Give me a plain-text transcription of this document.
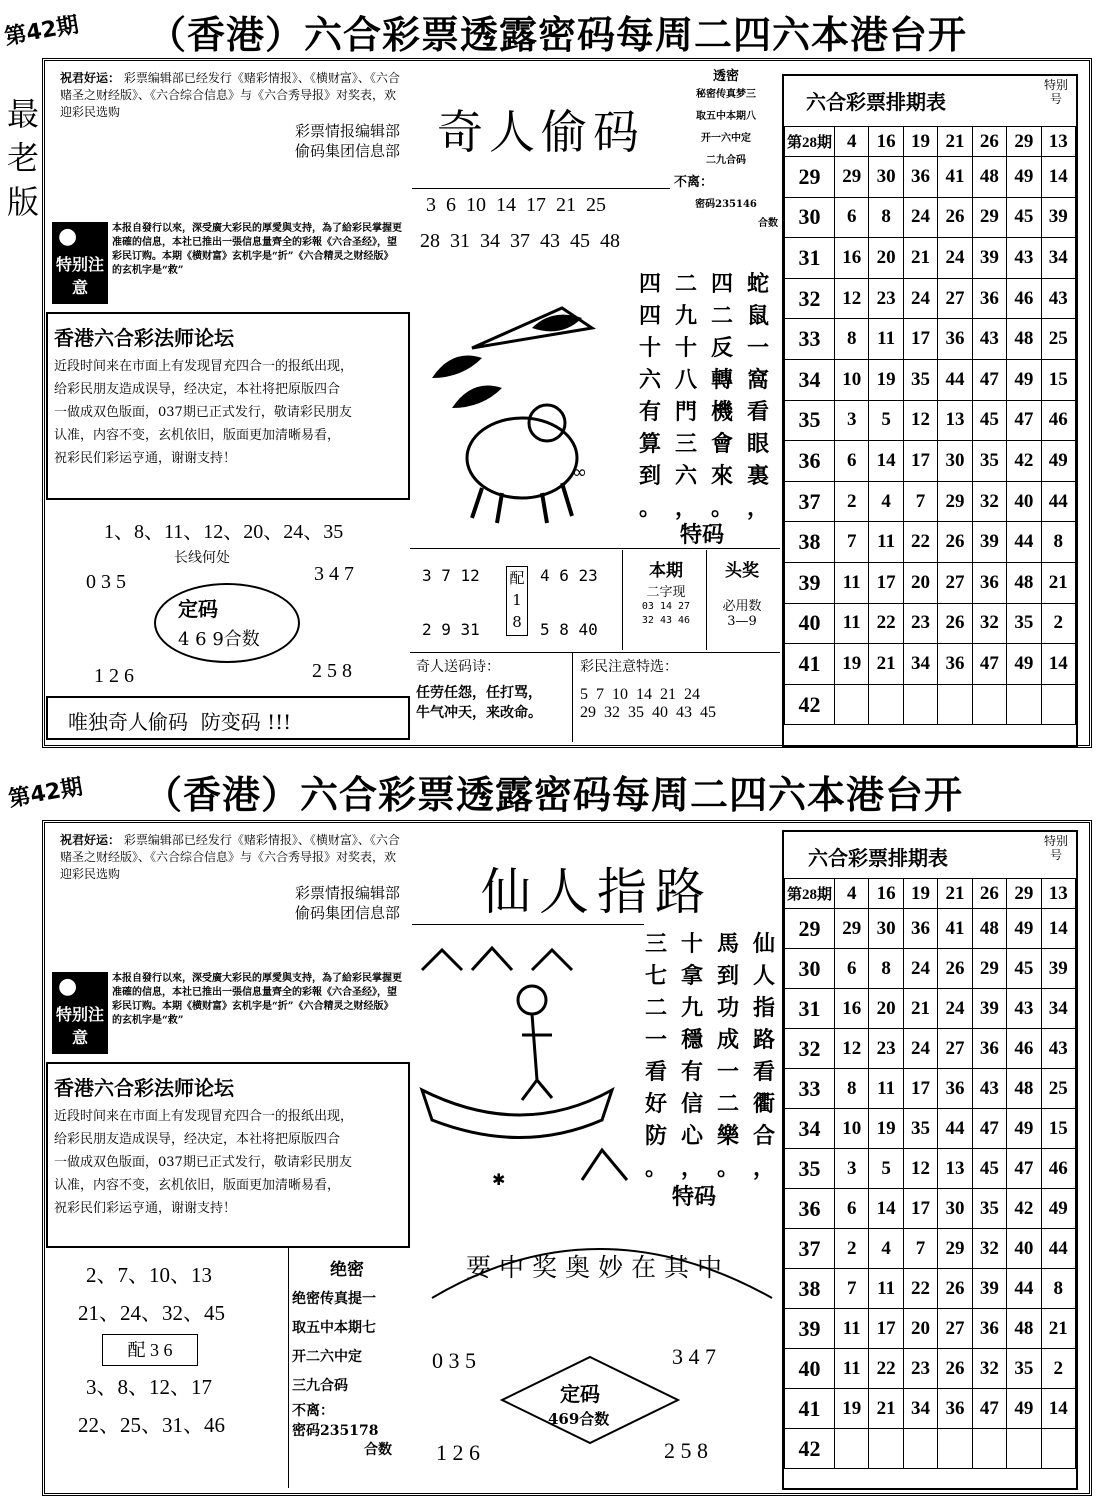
第42期 （香港）六合彩票透露密码每周二四六本港台开
最
老
版
祝君好运： 彩票编辑部已经发行《赌彩情报》、《横财富》、《六合赌圣之财经版》、《六合综合信息》与《六合秀导报》对奖表，欢迎彩民选购
彩票情报编辑部
偷码集团信息部
●
特别注意
本报自發行以來，深受廣大彩民的厚愛與支持，為了給彩民掌握更准確的信息，本社已推出一張信息量齊全的彩報《六合圣经》，望彩民订购。本期《横财富》玄机字是“折”《六合精灵之财经版》的玄机字是“救”
香港六合彩法师论坛

近段时间来在市面上有发现冒充四合一的报纸出现，

给彩民朋友造成误导，经决定，本社将把原版四合

一做成双色版面，037期已正式发行，敬请彩民朋友

认准，内容不变，玄机依旧，版面更加清晰易看，

祝彩民们彩运亨通，谢谢支持！

1、8、11、12、20、24、35
长线何处
0 3 5	3 4 7
定码
4 6 9合数
1 2 6	2 5 8
唯独奇人偷码  防变码 !!!
奇人偷码
3  6  10  14  17  21  25
28  31  34  37  43  45  48
透密
秘密传真梦三
取五中本期八
开一六中定
二九合码
不离：
密码235146
合数
∞
四
四
十
六
有
算
到
。
二
九
十
八
門
三
六
，
四
二
反
轉
機
會
來
。
蛇
鼠
一
窩
看
眼
裏
，
特码
3 7 12
2 9 31
配
1
8
4 6 23
5 8 40
本期
二字现
03 14 27
32 43 46
头奖
必用数
3—9
奇人送码诗：
任劳任怨，任打骂，
牛气冲天，来改命。
彩民注意特选：
5  7  10  14  21  24
29  32  35  40  43  45
六合彩票排期表
特别号
第28期	4	16	19	21	26	29	13
29	29	30	36	41	48	49	14
30	6	8	24	26	29	45	39
31	16	20	21	24	39	43	34
32	12	23	24	27	36	46	43
33	8	11	17	36	43	48	25
34	10	19	35	44	47	49	15
35	3	5	12	13	45	47	46
36	6	14	17	30	35	42	49
37	2	4	7	29	32	40	44
38	7	11	22	26	39	44	8
39	11	17	20	27	36	48	21
40	11	22	23	26	32	35	2
41	19	21	34	36	47	49	14
42							
第42期 （香港）六合彩票透露密码每周二四六本港台开
祝君好运： 彩票编辑部已经发行《赌彩情报》、《横财富》、《六合赌圣之财经版》、《六合综合信息》与《六合秀导报》对奖表，欢迎彩民选购
彩票情报编辑部
偷码集团信息部
●
特别注意
本报自發行以來，深受廣大彩民的厚愛與支持，為了給彩民掌握更准確的信息，本社已推出一張信息量齊全的彩報《六合圣经》，望彩民订购。本期《横财富》玄机字是“折”《六合精灵之财经版》的玄机字是“救”
香港六合彩法师论坛

近段时间来在市面上有发现冒充四合一的报纸出现，

给彩民朋友造成误导，经决定，本社将把原版四合

一做成双色版面，037期已正式发行，敬请彩民朋友

认准，内容不变，玄机依旧，版面更加清晰易看，

祝彩民们彩运亨通，谢谢支持！

2、7、10、13
21、24、32、45
配 3 6
3、8、12、17
22、25、31、46
绝密
绝密传真提一
取五中本期七
开二六中定
三九合码
不离：
密码235178
合数
仙人指路
✱
三
七
二
一
看
好
防
。
十
拿
九
穩
有
信
心
，
馬
到
功
成
一
二
樂
。
仙
人
指
路
看
衢
合
，
特码
要中奖奥妙在其中
0 3 5	3 4 7
定码
469合数
1 2 6	2 5 8
六合彩票排期表
特别号
第28期	4	16	19	21	26	29	13
29	29	30	36	41	48	49	14
30	6	8	24	26	29	45	39
31	16	20	21	24	39	43	34
32	12	23	24	27	36	46	43
33	8	11	17	36	43	48	25
34	10	19	35	44	47	49	15
35	3	5	12	13	45	47	46
36	6	14	17	30	35	42	49
37	2	4	7	29	32	40	44
38	7	11	22	26	39	44	8
39	11	17	20	27	36	48	21
40	11	22	23	26	32	35	2
41	19	21	34	36	47	49	14
42							
